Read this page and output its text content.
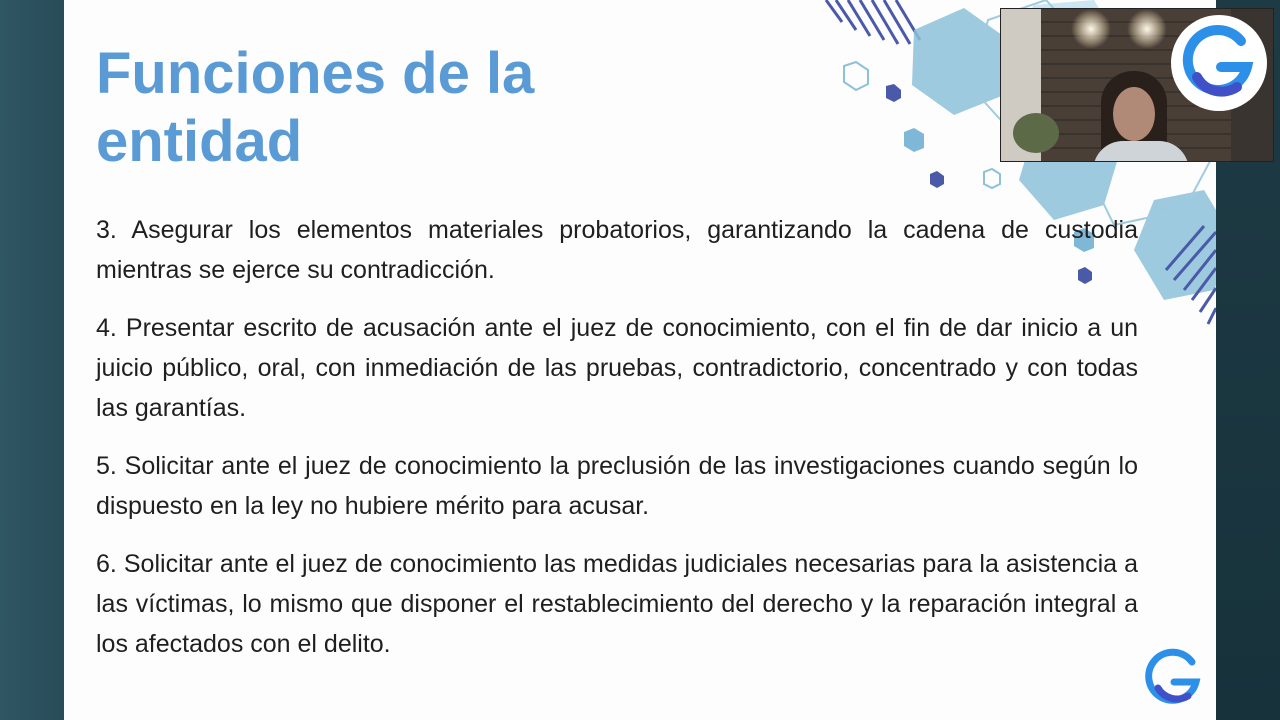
Funciones de la entidad

3. Asegurar los elementos materiales probatorios, garantizando la cadena de custodia mientras se ejerce su contradicción.

4. Presentar escrito de acusación ante el juez de conocimiento, con el fin de dar inicio a un juicio público, oral, con inmediación de las pruebas, contradictorio, concentrado y con todas las garantías.

5. Solicitar ante el juez de conocimiento la preclusión de las investigaciones cuando según lo dispuesto en la ley no hubiere mérito para acusar.

6. Solicitar ante el juez de conocimiento las medidas judiciales necesarias para la asistencia a las víctimas, lo mismo que disponer el restablecimiento del derecho y la reparación integral a los afectados con el delito.
